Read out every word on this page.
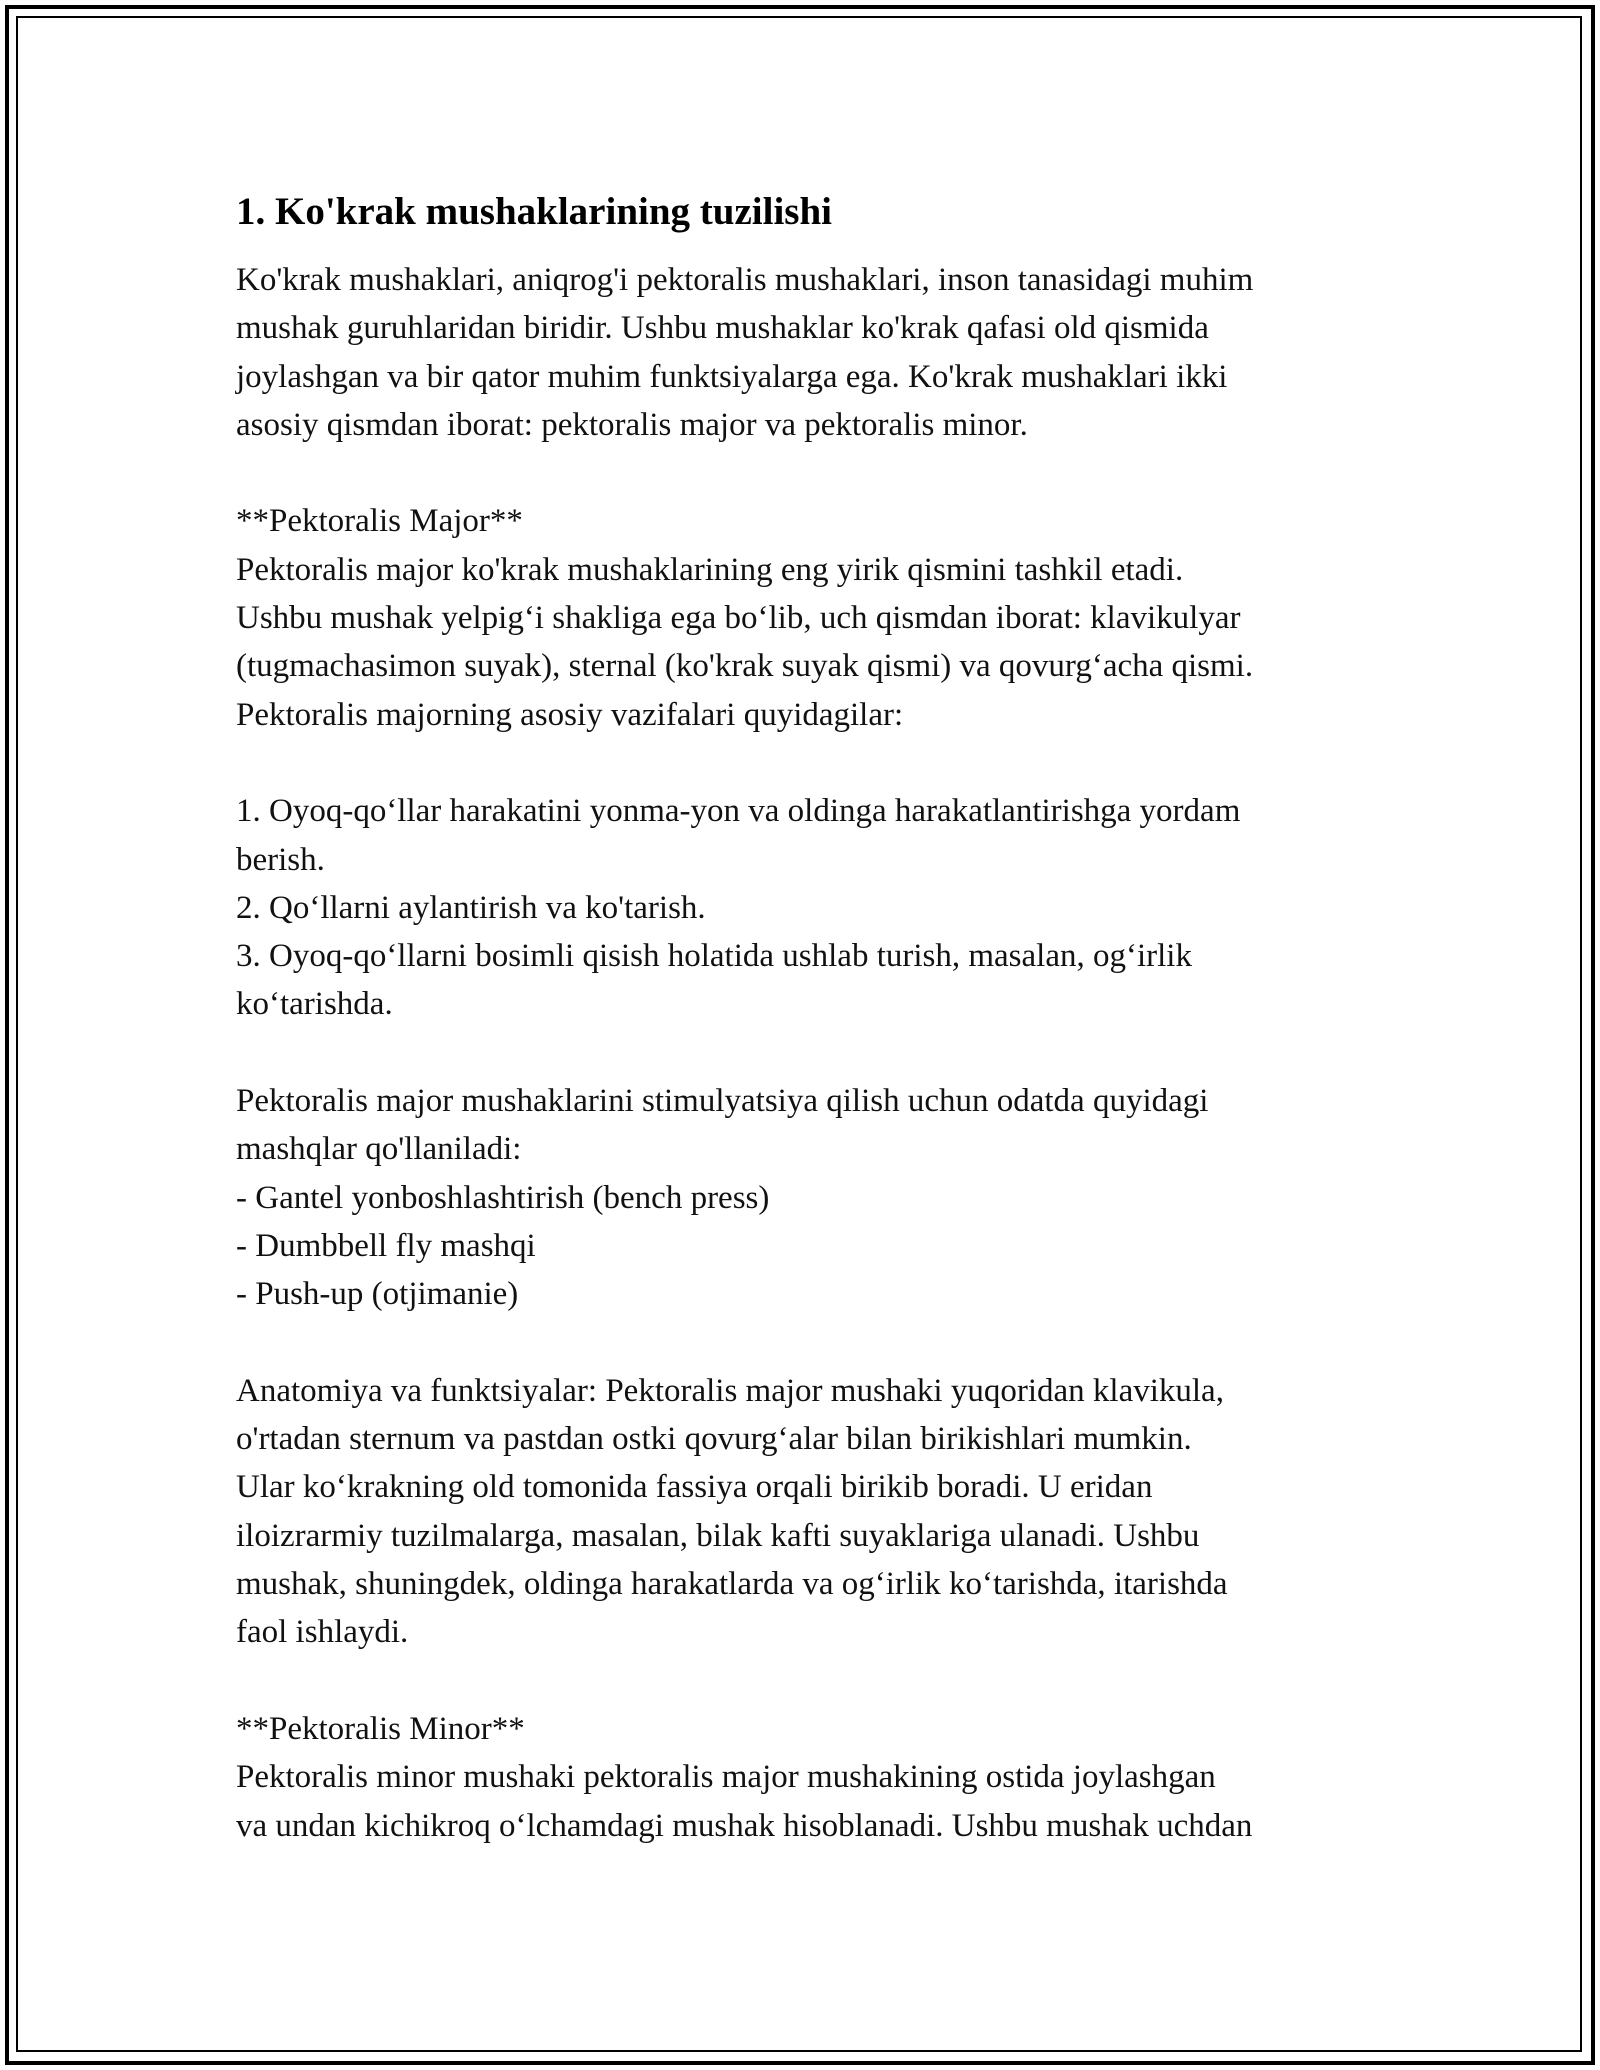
1. Ko'krak mushaklarining tuzilishi
Ko'krak mushaklari, aniqrog'i pektoralis mushaklari, inson tanasidagi muhim
mushak guruhlaridan biridir. Ushbu mushaklar ko'krak qafasi old qismida
joylashgan va bir qator muhim funktsiyalarga ega. Ko'krak mushaklari ikki
asosiy qismdan iborat: pektoralis major va pektoralis minor.
**Pektoralis Major**
Pektoralis major ko'krak mushaklarining eng yirik qismini tashkil etadi.
Ushbu mushak yelpig‘i shakliga ega bo‘lib, uch qismdan iborat: klavikulyar
(tugmachasimon suyak), sternal (ko'krak suyak qismi) va qovurg‘acha qismi.
Pektoralis majorning asosiy vazifalari quyidagilar:
1. Oyoq-qo‘llar harakatini yonma-yon va oldinga harakatlantirishga yordam
berish.
2. Qo‘llarni aylantirish va ko'tarish.
3. Oyoq-qo‘llarni bosimli qisish holatida ushlab turish, masalan, og‘irlik
ko‘tarishda.
Pektoralis major mushaklarini stimulyatsiya qilish uchun odatda quyidagi
mashqlar qo'llaniladi:
- Gantel yonboshlashtirish (bench press)
- Dumbbell fly mashqi
- Push-up (otjimanie)
Anatomiya va funktsiyalar: Pektoralis major mushaki yuqoridan klavikula,
o'rtadan sternum va pastdan ostki qovurg‘alar bilan birikishlari mumkin.
Ular ko‘krakning old tomonida fassiya orqali birikib boradi. U eridan
iloizrarmiy tuzilmalarga, masalan, bilak kafti suyaklariga ulanadi. Ushbu
mushak, shuningdek, oldinga harakatlarda va og‘irlik ko‘tarishda, itarishda
faol ishlaydi.
**Pektoralis Minor**
Pektoralis minor mushaki pektoralis major mushakining ostida joylashgan
va undan kichikroq o‘lchamdagi mushak hisoblanadi. Ushbu mushak uchdan
